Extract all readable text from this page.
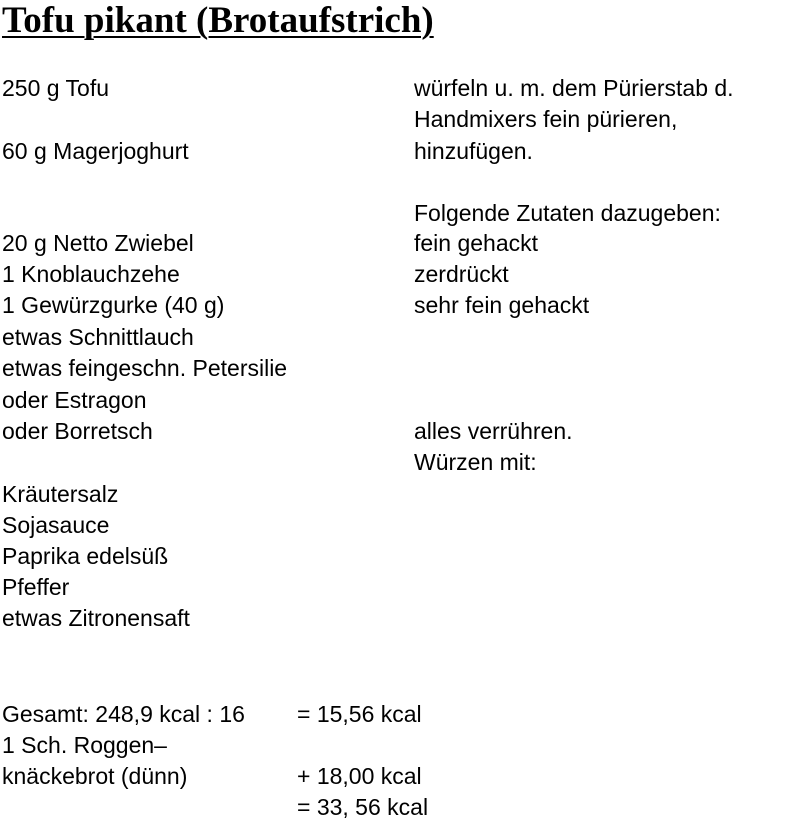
Tofu pikant (Brotaufstrich)
250 g Tofu
60 g Magerjoghurt
20 g Netto Zwiebel
1 Knoblauchzehe
1 Gewürzgurke (40 g)
etwas Schnittlauch
etwas feingeschn. Petersilie
oder Estragon
oder Borretsch
Kräutersalz
Sojasauce
Paprika edelsüß
Pfeffer
etwas Zitronensaft
würfeln u. m. dem Pürierstab d.
Handmixers fein pürieren,
hinzufügen.
Folgende Zutaten dazugeben:
fein gehackt
zerdrückt
sehr fein gehackt
alles verrühren.
Würzen mit:
Gesamt: 248,9 kcal : 16 = 15,56 kcal
1 Sch. Roggen–
knäckebrot (dünn)	+ 18,00 kcal
= 33, 56 kcal
